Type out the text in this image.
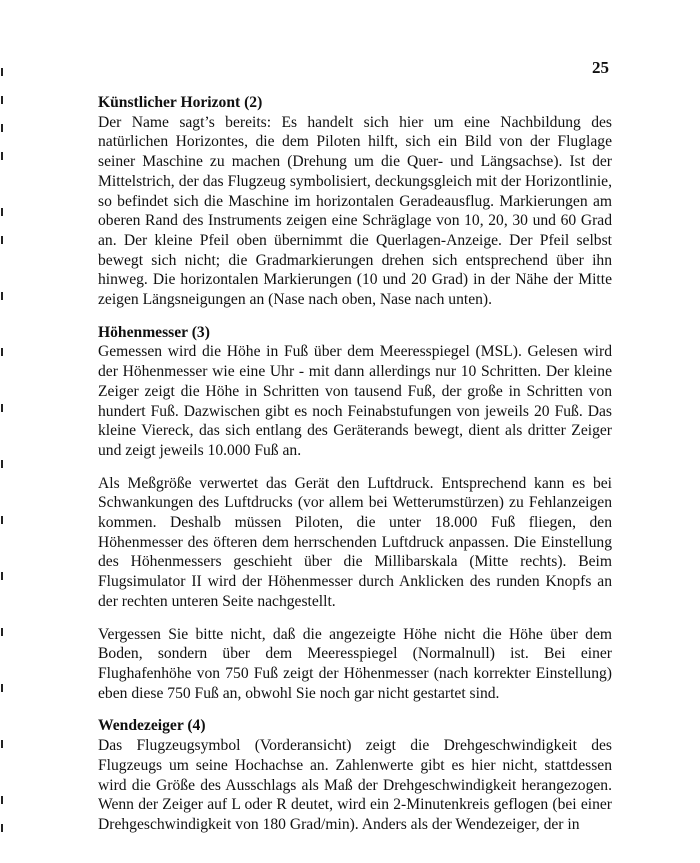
25
Künstlicher Horizont (2)

Der Name sagt’s bereits: Es handelt sich hier um eine Nachbildung des natürlichen Horizontes, die dem Piloten hilft, sich ein Bild von der Fluglage seiner Maschine zu machen (Drehung um die Quer- und Längsachse). Ist der Mittelstrich, der das Flugzeug symbolisiert, deckungsgleich mit der Horizontlinie, so befindet sich die Maschine im horizontalen Geradeausflug. Markierungen am oberen Rand des Instruments zeigen eine Schräglage von 10, 20, 30 und 60 Grad an. Der kleine Pfeil oben übernimmt die Querlagen-Anzeige. Der Pfeil selbst bewegt sich nicht; die Gradmarkierungen drehen sich entsprechend über ihn hinweg. Die horizontalen Markierungen (10 und 20 Grad) in der Nähe der Mitte zeigen Längsneigungen an (Nase nach oben, Nase nach unten).

Höhenmesser (3)

Gemessen wird die Höhe in Fuß über dem Meeresspiegel (MSL). Gelesen wird der Höhenmesser wie eine Uhr - mit dann allerdings nur 10 Schritten. Der kleine Zeiger zeigt die Höhe in Schritten von tausend Fuß, der große in Schritten von hundert Fuß. Dazwischen gibt es noch Feinabstufungen von jeweils 20 Fuß. Das kleine Viereck, das sich entlang des Geräterands bewegt, dient als dritter Zeiger und zeigt jeweils 10.000 Fuß an.

Als Meßgröße verwertet das Gerät den Luftdruck. Entsprechend kann es bei Schwankungen des Luftdrucks (vor allem bei Wetterumstürzen) zu Fehlanzeigen kommen. Deshalb müssen Piloten, die unter 18.000 Fuß fliegen, den Höhenmesser des öfteren dem herrschenden Luftdruck anpassen. Die Einstellung des Höhenmessers geschieht über die Millibarskala (Mitte rechts). Beim Flugsimulator II wird der Höhenmesser durch Anklicken des runden Knopfs an der rechten unteren Seite nachgestellt.

Vergessen Sie bitte nicht, daß die angezeigte Höhe nicht die Höhe über dem Boden, sondern über dem Meeresspiegel (Normalnull) ist. Bei einer Flughafenhöhe von 750 Fuß zeigt der Höhenmesser (nach korrekter Einstellung) eben diese 750 Fuß an, obwohl Sie noch gar nicht gestartet sind.

Wendezeiger (4)

Das Flugzeugsymbol (Vorderansicht) zeigt die Drehgeschwindigkeit des Flugzeugs um seine Hochachse an. Zahlenwerte gibt es hier nicht, stattdessen wird die Größe des Ausschlags als Maß der Drehgeschwindigkeit herangezogen. Wenn der Zeiger auf L oder R deutet, wird ein 2-Minutenkreis geflogen (bei einer Drehgeschwindigkeit von 180 Grad/min). Anders als der Wendezeiger, der in
